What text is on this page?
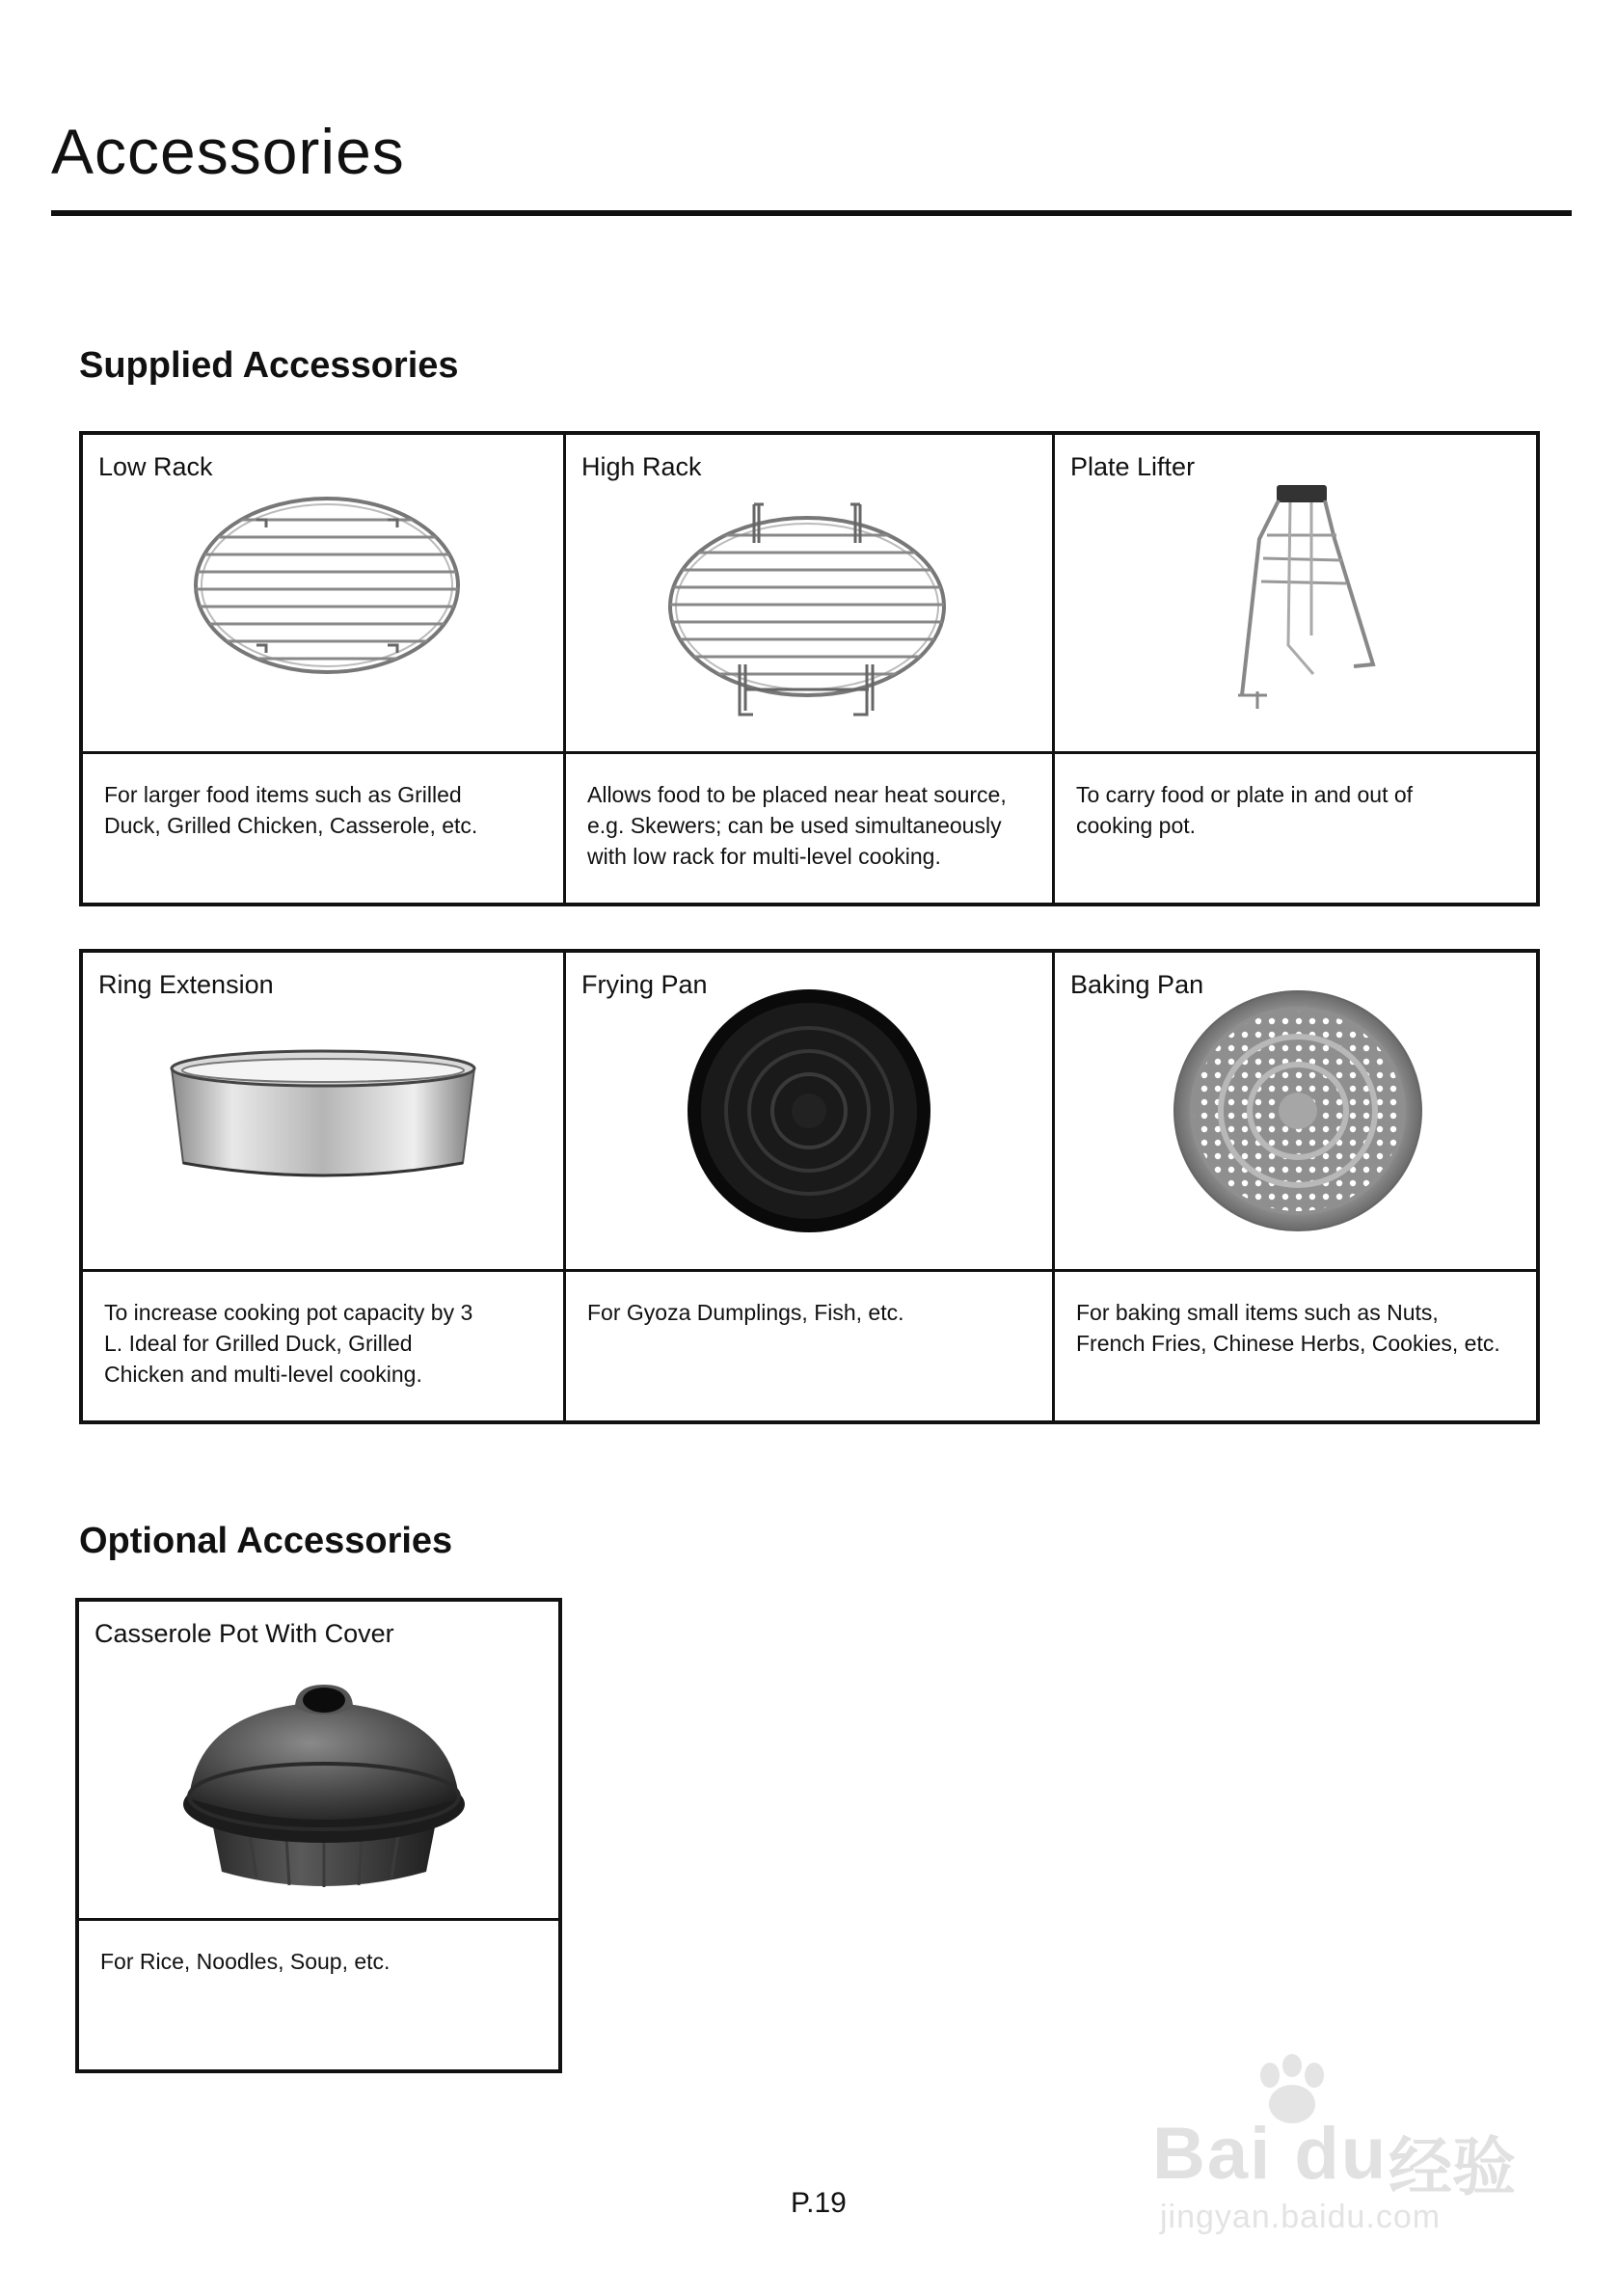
Accessories
Supplied Accessories
Low Rack
For larger food items such as Grilled
Duck, Grilled Chicken, Casserole, etc.
High Rack
Allows food to be placed near heat source,
e.g. Skewers; can be used simultaneously
with low rack for multi-level cooking.
Plate Lifter
To carry food or plate in and out of
cooking pot.
Ring Extension
To increase cooking pot capacity by 3
L. Ideal for Grilled Duck, Grilled
Chicken and multi-level cooking.
Frying Pan
For Gyoza Dumplings, Fish, etc.
Baking Pan
For baking small items such as Nuts,
French Fries, Chinese Herbs, Cookies, etc.
Optional Accessories
Casserole Pot With Cover
For Rice, Noodles, Soup, etc.
P.19
Bai du 经验
jingyan.baidu.com
